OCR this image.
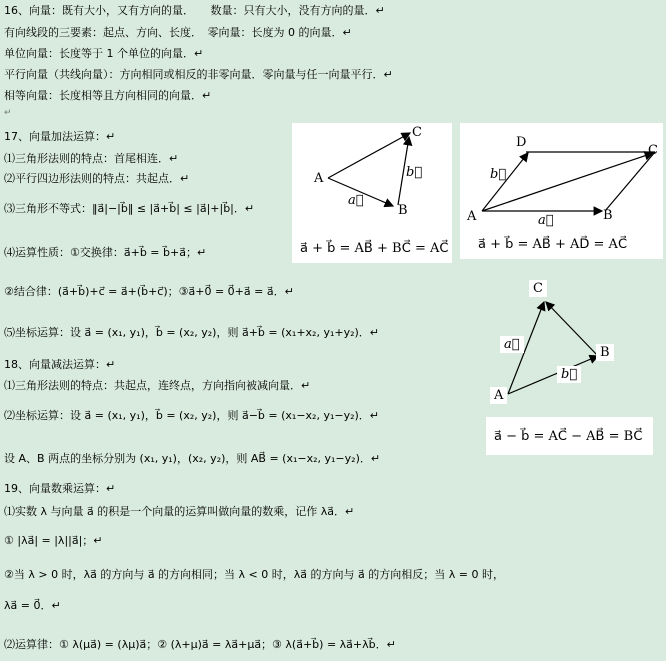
16、向量：既有大小，又有方向的量．　　数量：只有大小，没有方向的量．↵
有向线段的三要素：起点、方向、长度．　零向量：长度为 0 的向量．↵
单位向量：长度等于 1 个单位的向量．↵
平行向量（共线向量）：方向相同或相反的非零向量．零向量与任一向量平行．↵
相等向量：长度相等且方向相同的向量．↵
↵
17、向量加法运算：↵
⑴三角形法则的特点：首尾相连．↵
⑵平行四边形法则的特点：共起点．↵
⑶三角形不等式：‖a⃗|−|b⃗‖ ≤ |a⃗+b⃗| ≤ |a⃗|+|b⃗|．↵
⑷运算性质：①交换律：a⃗+b⃗ = b⃗+a⃗；↵
②结合律：(a⃗+b⃗)+c⃗ = a⃗+(b⃗+c⃗)；③a⃗+0⃗ = 0⃗+a⃗ = a⃗．↵
⑸坐标运算：设 a⃗ = (x₁, y₁)，b⃗ = (x₂, y₂)，则 a⃗+b⃗ = (x₁+x₂, y₁+y₂)．↵
18、向量减法运算：↵
⑴三角形法则的特点：共起点，连终点，方向指向被减向量．↵
⑵坐标运算：设 a⃗ = (x₁, y₁)，b⃗ = (x₂, y₂)，则 a⃗−b⃗ = (x₁−x₂, y₁−y₂)．↵
设 A、B 两点的坐标分别为 (x₁, y₁)，(x₂, y₂)，则 AB⃗ = (x₁−x₂, y₁−y₂)．↵
19、向量数乘运算：↵
⑴实数 λ 与向量 a⃗ 的积是一个向量的运算叫做向量的数乘，记作 λa⃗．↵
① |λa⃗| = |λ||a⃗|；↵
②当 λ > 0 时，λa⃗ 的方向与 a⃗ 的方向相同；当 λ < 0 时，λa⃗ 的方向与 a⃗ 的方向相反；当 λ = 0 时，
λa⃗ = 0⃗．↵
⑵运算律：① λ(μa⃗) = (λμ)a⃗；② (λ+μ)a⃗ = λa⃗+μa⃗；③ λ(a⃗+b⃗) = λa⃗+λb⃗．↵
A
B
C
a⃗
b⃗
a⃗ + b⃗ = AB⃗ + BC⃗ = AC⃗
A	B
C
D
a⃗
b⃗
a⃗ + b⃗ = AB⃗ + AD⃗ = AC⃗
C
B
A
a⃗
b⃗
a⃗ − b⃗ = AC⃗ − AB⃗ = BC⃗
